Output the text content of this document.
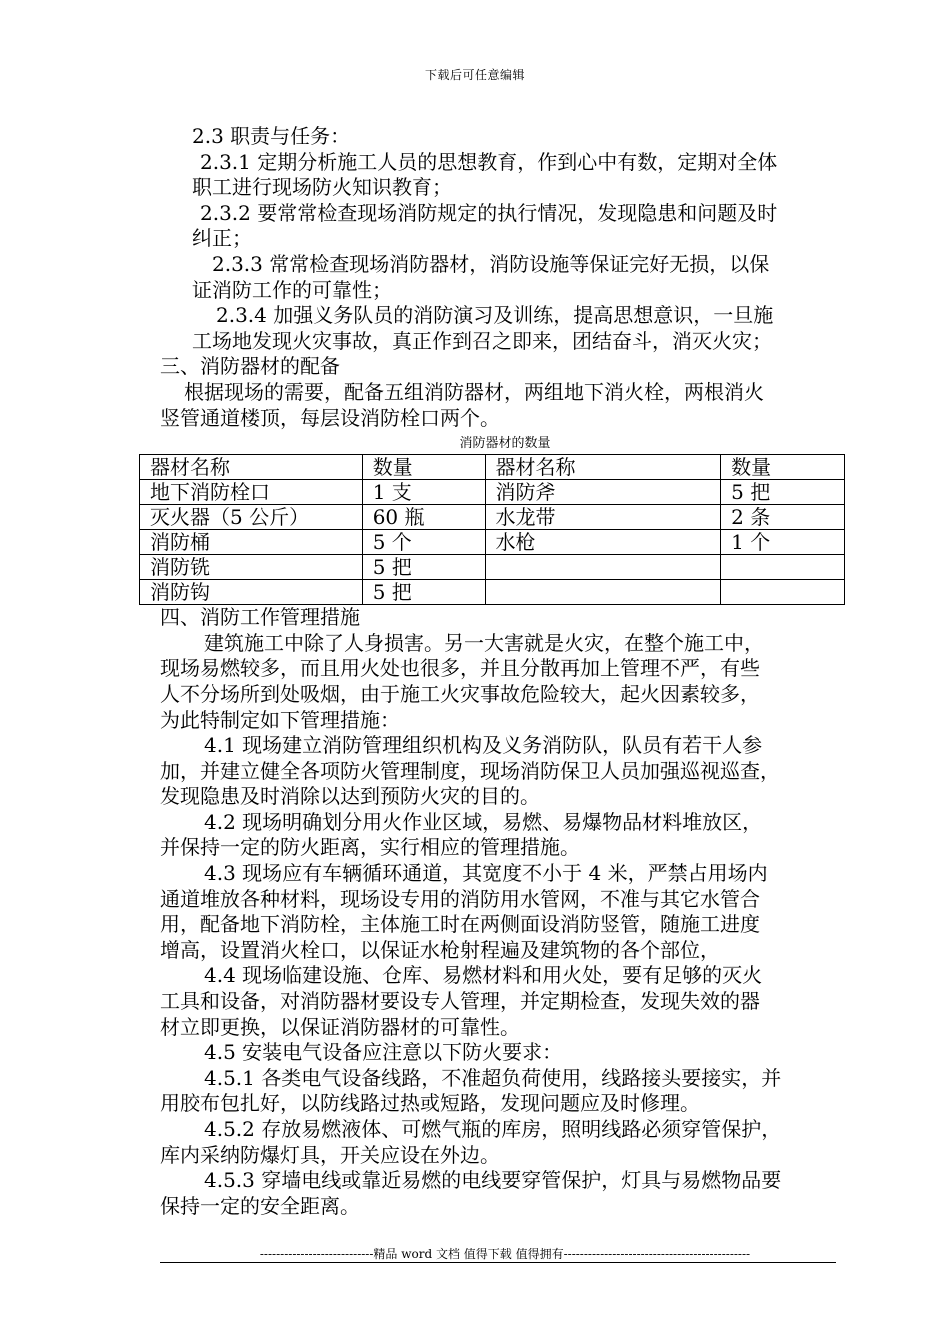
下载后可任意编辑

2.3 职责与任务：

2.3.1 定期分析施工人员的思想教育，作到心中有数，定期对全体

职工进行现场防火知识教育；

2.3.2 要常常检查现场消防规定的执行情况，发现隐患和问题及时

纠正；

2.3.3 常常检查现场消防器材，消防设施等保证完好无损，以保

证消防工作的可靠性；

2.3.4 加强义务队员的消防演习及训练，提高思想意识，一旦施

工场地发现火灾事故，真正作到召之即来，团结奋斗，消灭火灾；

三、消防器材的配备

根据现场的需要，配备五组消防器材，两组地下消火栓，两根消火

竖管通道楼顶，每层设消防栓口两个。

消防器材的数量

器材名称	数量	器材名称	数量
地下消防栓口	1 支	消防斧	5 把
灭火器（5 公斤）	60 瓶	水龙带	2 条
消防桶	5 个	水枪	1 个
消防铣	5 把		
消防钩	5 把		

四、消防工作管理措施

建筑施工中除了人身损害。另一大害就是火灾，在整个施工中，

现场易燃较多，而且用火处也很多，并且分散再加上管理不严，有些

人不分场所到处吸烟，由于施工火灾事故危险较大，起火因素较多，

为此特制定如下管理措施：

4.1 现场建立消防管理组织机构及义务消防队，队员有若干人参

加，并建立健全各项防火管理制度，现场消防保卫人员加强巡视巡查，

发现隐患及时消除以达到预防火灾的目的。

4.2 现场明确划分用火作业区域，易燃、易爆物品材料堆放区，

并保持一定的防火距离，实行相应的管理措施。

4.3 现场应有车辆循环通道，其宽度不小于 4 米，严禁占用场内

通道堆放各种材料，现场设专用的消防用水管网，不准与其它水管合

用，配备地下消防栓，主体施工时在两侧面设消防竖管，随施工进度

增高，设置消火栓口，以保证水枪射程遍及建筑物的各个部位，

4.4 现场临建设施、仓库、易燃材料和用火处，要有足够的灭火

工具和设备，对消防器材要设专人管理，并定期检查，发现失效的器

材立即更换，以保证消防器材的可靠性。

4.5 安装电气设备应注意以下防火要求：

4.5.1 各类电气设备线路，不准超负荷使用，线路接头要接实，并

用胶布包扎好，以防线路过热或短路，发现问题应及时修理。

4.5.2 存放易燃液体、可燃气瓶的库房，照明线路必须穿管保护，

库内采纳防爆灯具，开关应设在外边。

4.5.3 穿墙电线或靠近易燃的电线要穿管保护，灯具与易燃物品要

保持一定的安全距离。

----------------------------精品 word 文档 值得下载 值得拥有----------------------------------------------
